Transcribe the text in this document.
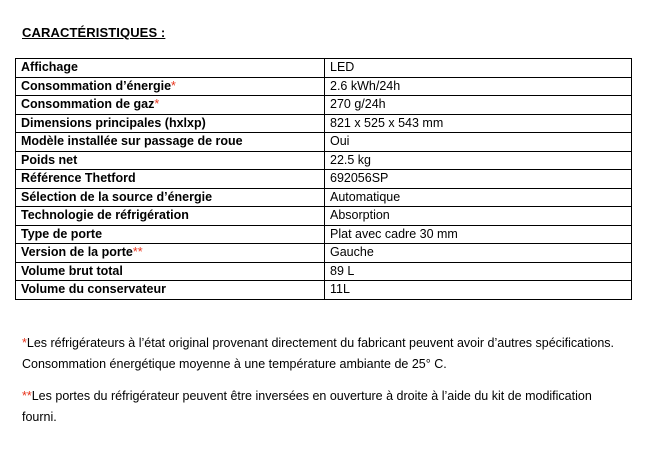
CARACTÉRISTIQUES :
Affichage	LED
Consommation d’énergie*	2.6 kWh/24h
Consommation de gaz*	270 g/24h
Dimensions principales (hxlxp)	821 x 525 x 543 mm
Modèle installée sur passage de roue	Oui
Poids net	22.5 kg
Référence Thetford	692056SP
Sélection de la source d’énergie	Automatique
Technologie de réfrigération	Absorption
Type de porte	Plat avec cadre 30 mm
Version de la porte**	Gauche
Volume brut total	89 L
Volume du conservateur	11L
*Les réfrigérateurs à l’état original provenant directement du fabricant peuvent avoir d’autres spécifications. Consommation énergétique moyenne à une température ambiante de 25° C.
**Les portes du réfrigérateur peuvent être inversées en ouverture à droite à l’aide du kit de modification fourni.
